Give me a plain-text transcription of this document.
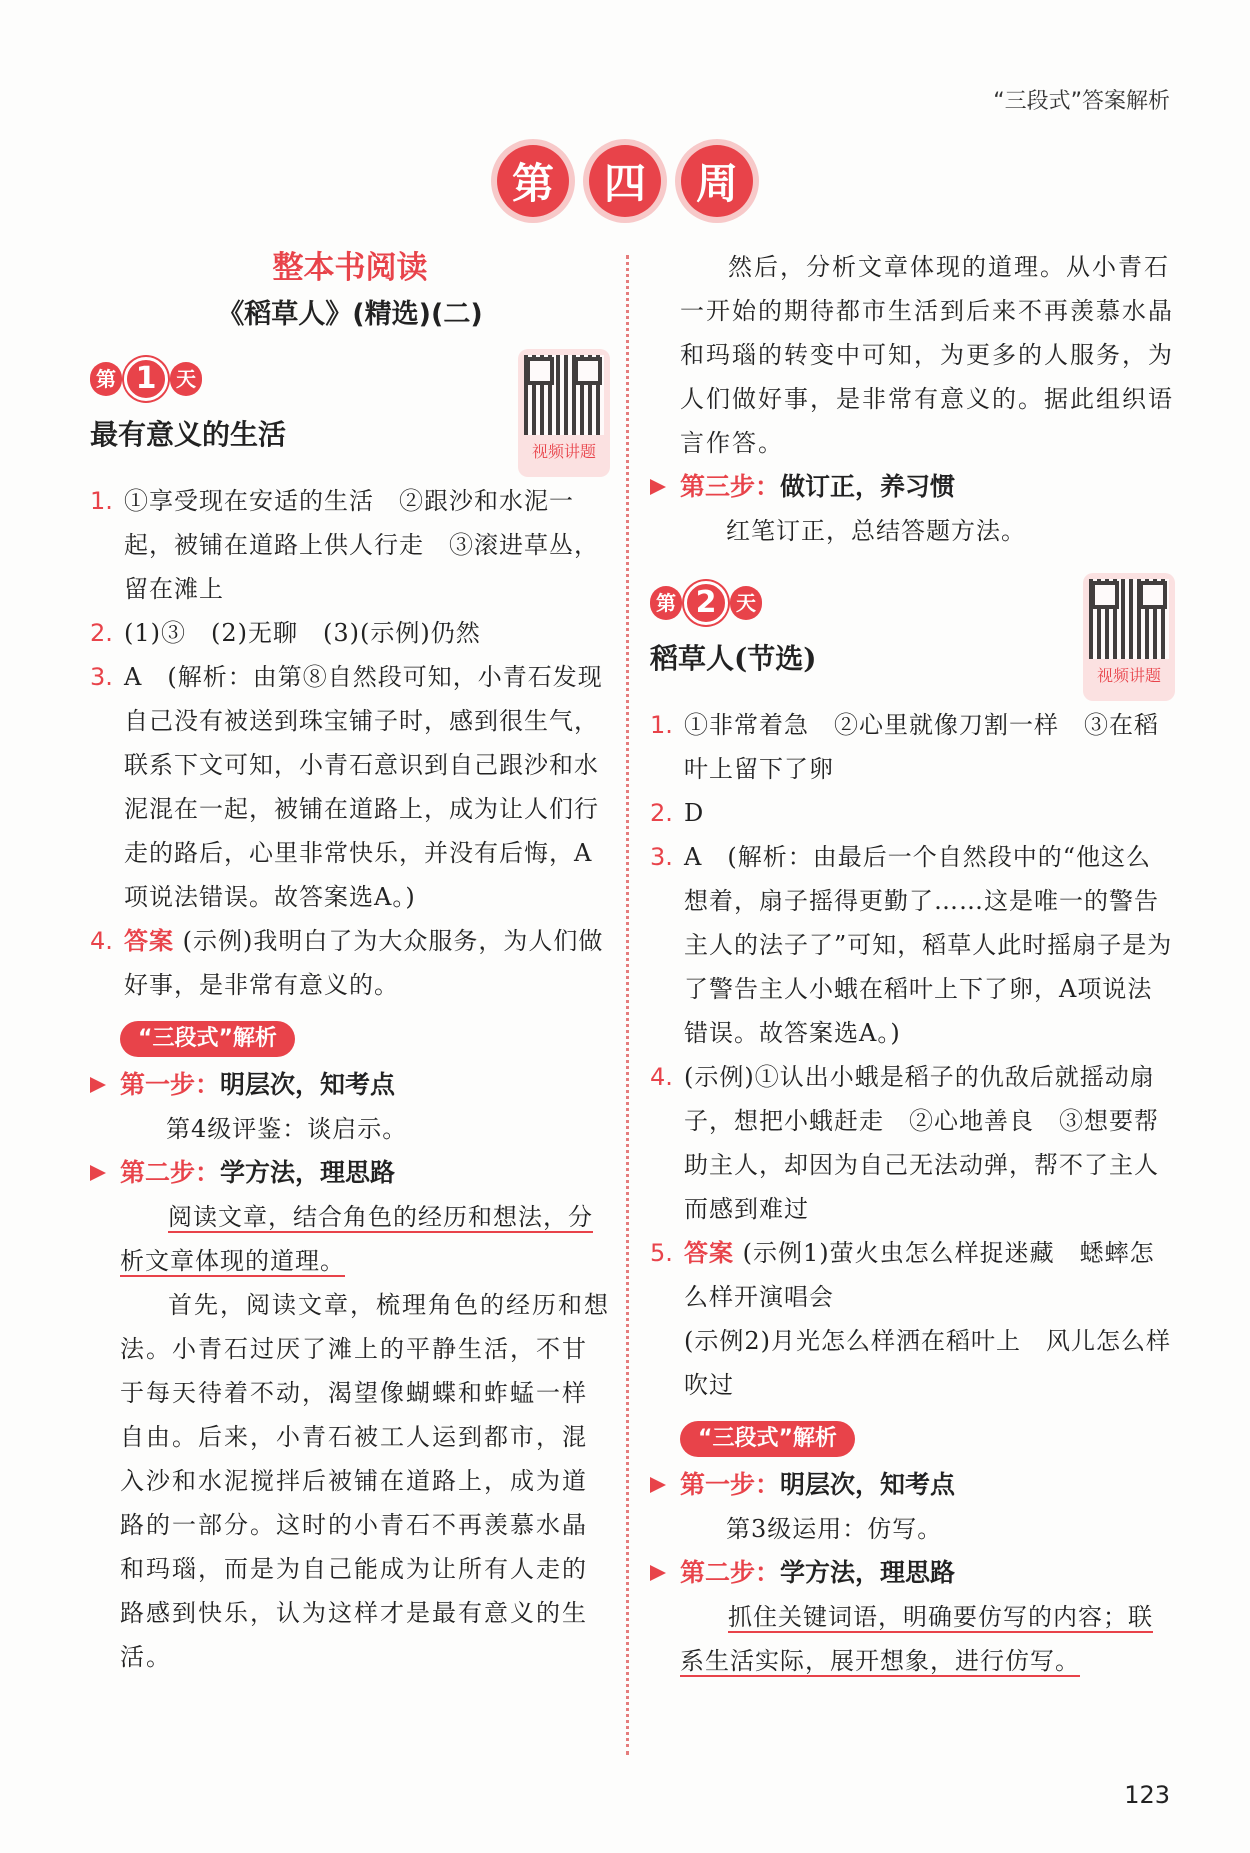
“三段式”答案解析
第	四	周
整本书阅读
《稻草人》(精选)(二)
第 1 天
最有意义的生活
视频讲题
1. ①享受现在安适的生活　②跟沙和水泥一起，被铺在道路上供人行走　③滚进草丛，留在滩上
2. (1)③　(2)无聊　(3)(示例)仍然
3. A　(解析：由第⑧自然段可知，小青石发现自己没有被送到珠宝铺子时，感到很生气，联系下文可知，小青石意识到自己跟沙和水泥混在一起，被铺在道路上，成为让人们行走的路后，心里非常快乐，并没有后悔，A项说法错误。故答案选A。)
4. 答案 (示例)我明白了为大众服务，为人们做好事，是非常有意义的。
“三段式”解析
第一步： 明层次，知考点
第4级评鉴：谈启示。
第二步： 学方法，理思路
阅读文章，结合角色的经历和想法，分析文章体现的道理。
首先，阅读文章，梳理角色的经历和想法。小青石过厌了滩上的平静生活，不甘于每天待着不动，渴望像蝴蝶和蚱蜢一样自由。后来，小青石被工人运到都市，混入沙和水泥搅拌后被铺在道路上，成为道路的一部分。这时的小青石不再羡慕水晶和玛瑙，而是为自己能成为让所有人走的路感到快乐，认为这样才是最有意义的生活。
然后，分析文章体现的道理。从小青石一开始的期待都市生活到后来不再羡慕水晶和玛瑙的转变中可知，为更多的人服务，为人们做好事，是非常有意义的。据此组织语言作答。
第三步： 做订正，养习惯
红笔订正，总结答题方法。
第 2 天
稻草人(节选)
视频讲题
1. ①非常着急　②心里就像刀割一样　③在稻叶上留下了卵
2. D
3. A　(解析：由最后一个自然段中的“他这么想着，扇子摇得更勤了……这是唯一的警告主人的法子了”可知，稻草人此时摇扇子是为了警告主人小蛾在稻叶上下了卵，A项说法错误。故答案选A。)
4. (示例)①认出小蛾是稻子的仇敌后就摇动扇子，想把小蛾赶走　②心地善良　③想要帮助主人，却因为自己无法动弹，帮不了主人而感到难过
5. 答案 (示例1)萤火虫怎么样捉迷藏　蟋蟀怎么样开演唱会
(示例2)月光怎么样洒在稻叶上　风儿怎么样吹过
“三段式”解析
第一步： 明层次，知考点
第3级运用：仿写。
第二步： 学方法，理思路
抓住关键词语，明确要仿写的内容；联系生活实际，展开想象，进行仿写。
123
